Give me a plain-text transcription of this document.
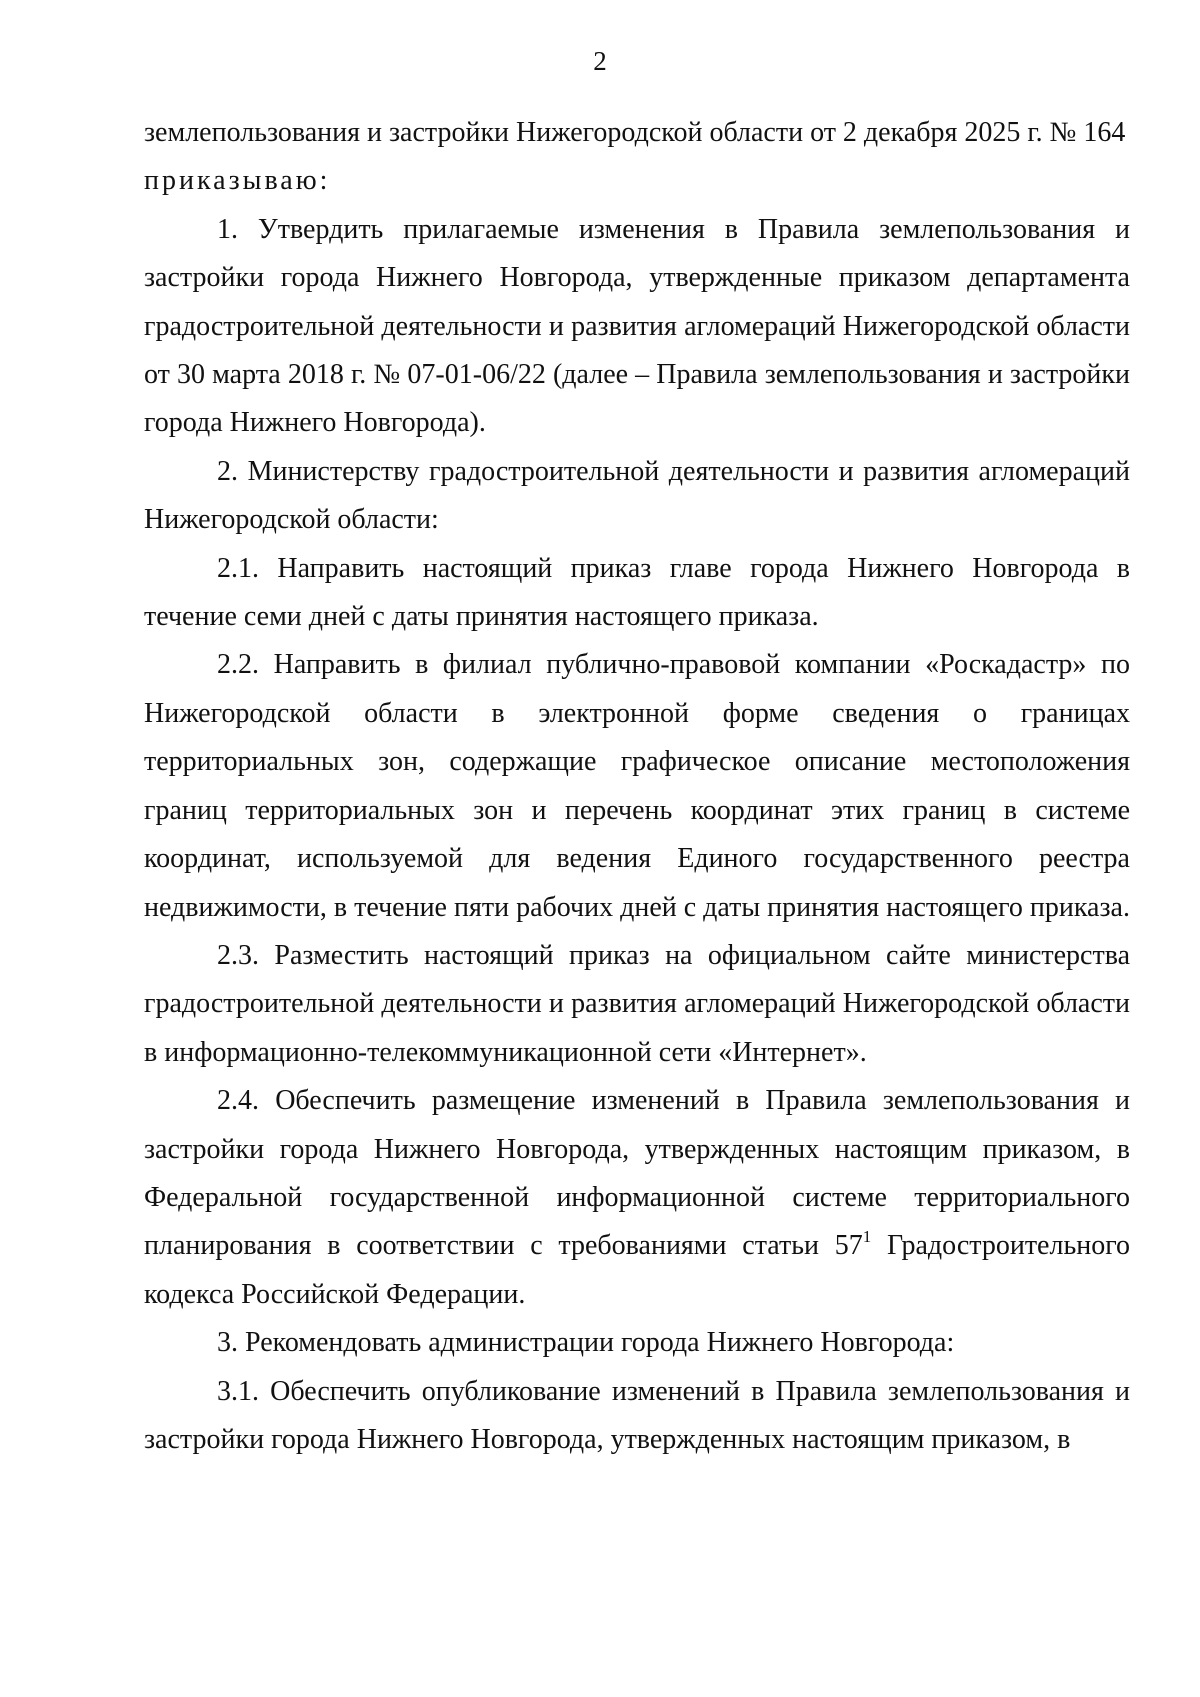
2

землепользования и застройки Нижегородской области от 2 декабря 2025 г. № 164

приказываю:

1. Утвердить прилагаемые изменения в Правила землепользования и застройки города Нижнего Новгорода, утвержденные приказом департамента градостроительной деятельности и развития агломераций Нижегородской области от 30 марта 2018 г. № 07-01-06/22 (далее – Правила землепользования и застройки города Нижнего Новгорода).

2. Министерству градостроительной деятельности и развития агломераций Нижегородской области:

2.1. Направить настоящий приказ главе города Нижнего Новгорода в течение семи дней с даты принятия настоящего приказа.

2.2. Направить в филиал публично-правовой компании «Роскадастр» по Нижегородской области в электронной форме сведения о границах территориальных зон, содержащие графическое описание местоположения границ территориальных зон и перечень координат этих границ в системе координат, используемой для ведения Единого государственного реестра недвижимости, в течение пяти рабочих дней с даты принятия настоящего приказа.

2.3. Разместить настоящий приказ на официальном сайте министерства градостроительной деятельности и развития агломераций Нижегородской области в информационно-телекоммуникационной сети «Интернет».

2.4. Обеспечить размещение изменений в Правила землепользования и застройки города Нижнего Новгорода, утвержденных настоящим приказом, в Федеральной государственной информационной системе территориального планирования в соответствии с требованиями статьи $57^1$ Градостроительного кодекса Российской Федерации.

3. Рекомендовать администрации города Нижнего Новгорода:

3.1. Обеспечить опубликование изменений в Правила землепользования и застройки города Нижнего Новгорода, утвержденных настоящим приказом, в
